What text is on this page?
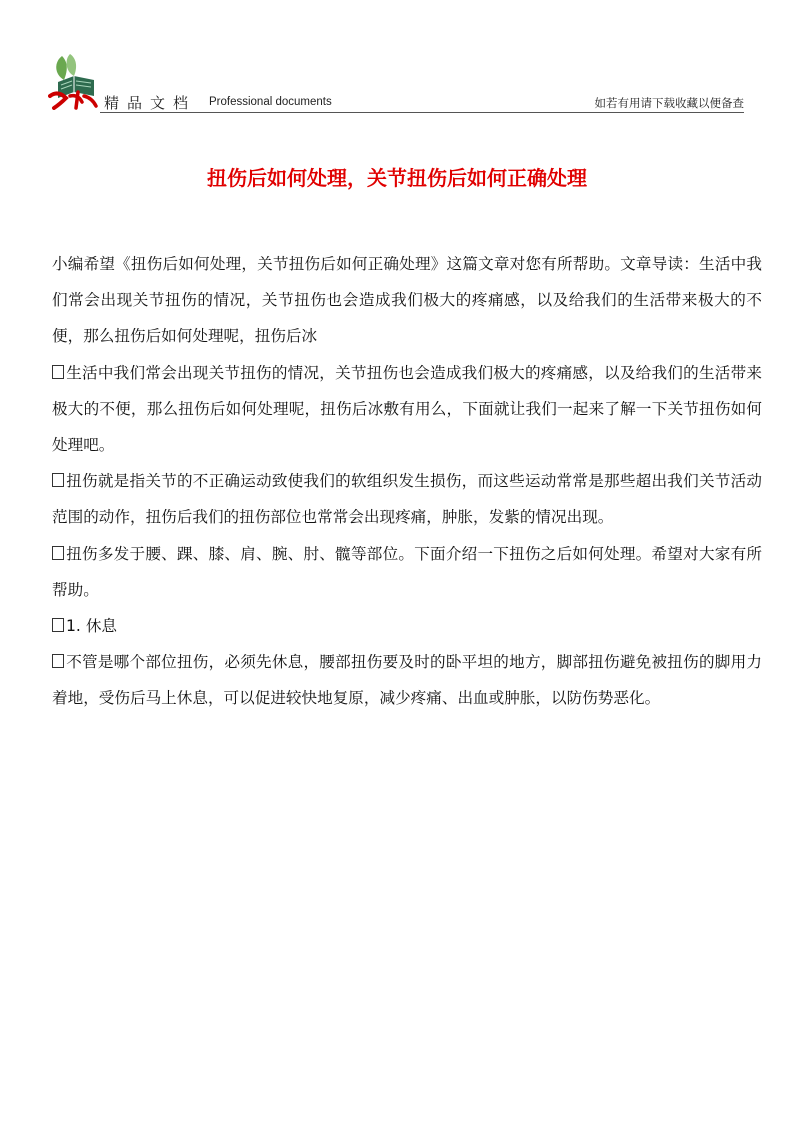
精品文档 Professional documents	如若有用请下载收藏以便备查
扭伤后如何处理，关节扭伤后如何正确处理

小编希望《扭伤后如何处理，关节扭伤后如何正确处理》这篇文章对您有所帮助。文章导读：生活中我们常会出现关节扭伤的情况，关节扭伤也会造成我们极大的疼痛感，以及给我们的生活带来极大的不便，那么扭伤后如何处理呢，扭伤后冰

生活中我们常会出现关节扭伤的情况，关节扭伤也会造成我们极大的疼痛感，以及给我们的生活带来极大的不便，那么扭伤后如何处理呢，扭伤后冰敷有用么，下面就让我们一起来了解一下关节扭伤如何处理吧。

扭伤就是指关节的不正确运动致使我们的软组织发生损伤，而这些运动常常是那些超出我们关节活动范围的动作，扭伤后我们的扭伤部位也常常会出现疼痛，肿胀，发紫的情况出现。

扭伤多发于腰、踝、膝、肩、腕、肘、髋等部位。下面介绍一下扭伤之后如何处理。希望对大家有所帮助。

1. 休息

不管是哪个部位扭伤，必须先休息，腰部扭伤要及时的卧平坦的地方，脚部扭伤避免被扭伤的脚用力着地，受伤后马上休息，可以促进较快地复原，减少疼痛、出血或肿胀，以防伤势恶化。
